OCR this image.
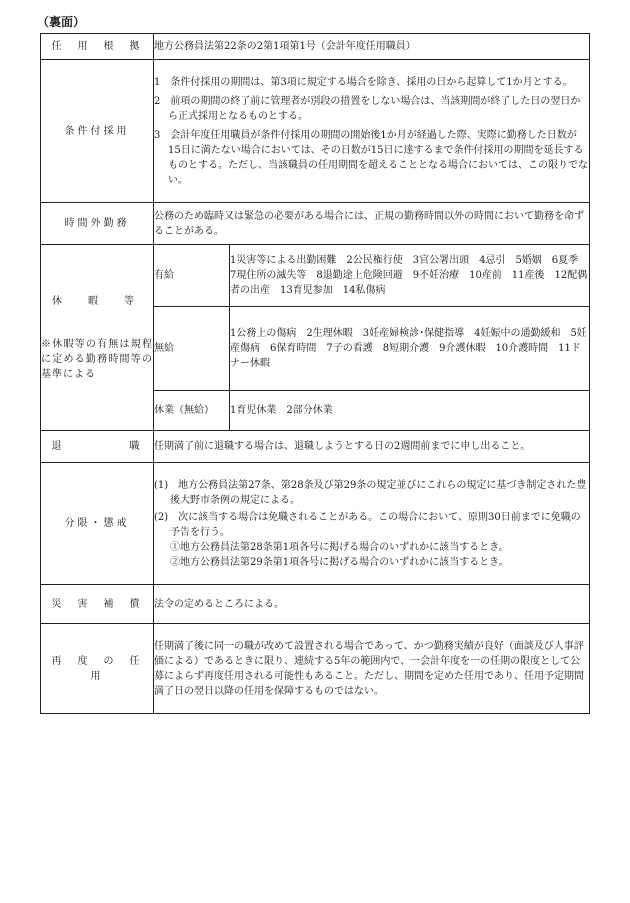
（裏面）
任　用　根　拠	地方公務員法第22条の2第1項第1号（会計年度任用職員）	
条件付採用	1　条件付採用の期間は、第3項に規定する場合を除き、採用の日から起算して1か月とする。
2　前項の期間の終了前に管理者が別段の措置をしない場合は、当該期間が終了した日の翌日から正式採用となるものとする。
3　会計年度任用職員が条件付採用の期間の開始後1か月が経過した際、実際に勤務した日数が15日に満たない場合においては、その日数が15日に達するまで条件付採用の期間を延長するものとする。ただし、当該職員の任用期間を超えることとなる場合においては、この限りでない。	

時間外勤務	公務のため臨時又は緊急の必要がある場合には、正規の勤務時間以外の時間において勤務を命ずることがある。	

休　暇　等
※休暇等の有無は規程に定める勤務時間等の基準による	有給	1災害等による出勤困難　2公民権行使　3官公署出頭　4忌引　5婚姻　6夏季　7現住所の滅失等　8退勤途上危険回避　9不妊治療　10産前　11産後　12配偶者の出産　13育児参加　14私傷病
	無給	1公務上の傷病　2生理休暇　3妊産婦検診･保健指導　4妊娠中の通勤緩和　5妊産傷病　6保育時間　7子の看護　8短期介護　9介護休暇　10介護時間　11ドナー休暇
	休業（無給）	1育児休業　2部分休業
退　　　　　職	任期満了前に退職する場合は、退職しようとする日の2週間前までに申し出ること。	
分限・懲戒	(1)　地方公務員法第27条、第28条及び第29条の規定並びにこれらの規定に基づき制定された豊後大野市条例の規定による。
(2)　次に該当する場合は免職されることがある。この場合において、原則30日前までに免職の予告を行う。
①地方公務員法第28条第1項各号に掲げる場合のいずれかに該当するとき。
②地方公務員法第29条第1項各号に掲げる場合のいずれかに該当するとき。	

災　害　補　償	法令の定めるところによる。	
再　度　の　任　用	任期満了後に同一の職が改めて設置される場合であって、かつ勤務実績が良好（面談及び人事評価による）であるときに限り、連続する5年の範囲内で、一会計年度を一の任期の限度として公募によらず再度任用される可能性もあること。ただし、期間を定めた任用であり、任用予定期間満了日の翌日以降の任用を保障するものではない。	
